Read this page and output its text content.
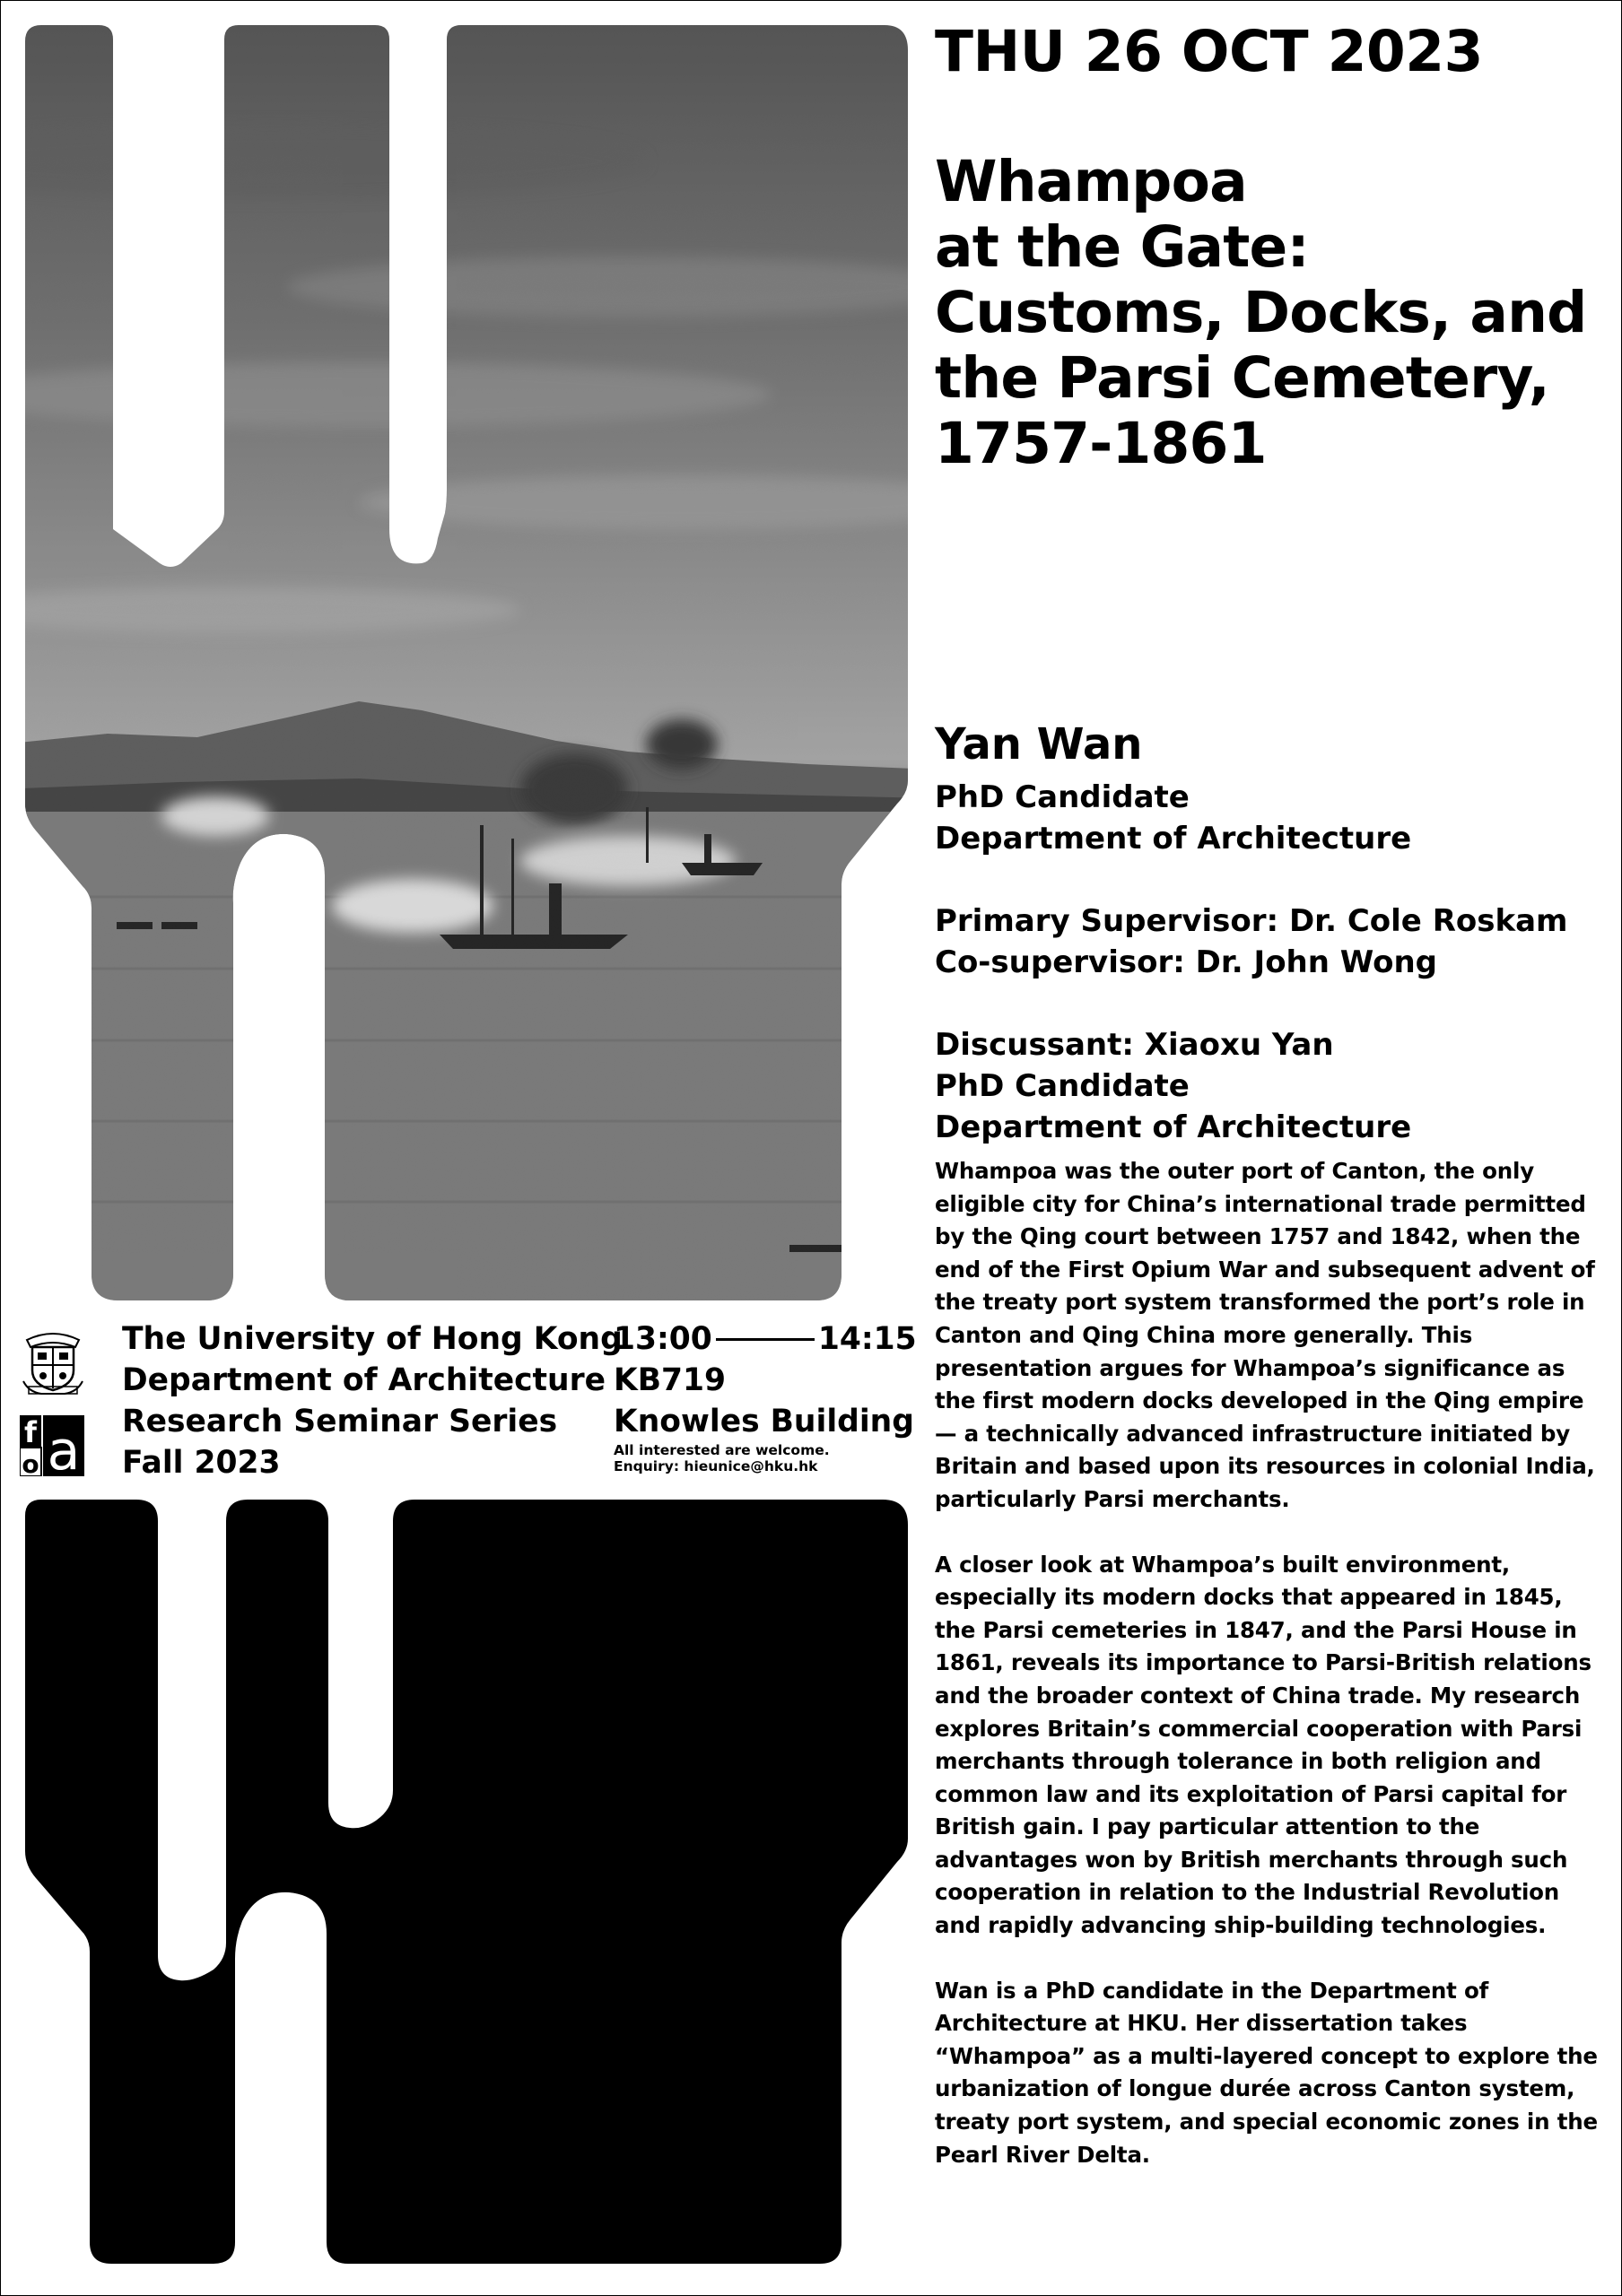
THU 26 OCT 2023
Whampoa
at the Gate:
Customs, Docks, and
the Parsi Cemetery,
1757-1861
Yan Wan
PhD Candidate
Department of Architecture
Primary Supervisor: Dr. Cole Roskam
Co-supervisor: Dr. John Wong
Discussant: Xiaoxu Yan
PhD Candidate
Department of Architecture

Whampoa was the outer port of Canton, the only eligible city for China’s international trade permitted by the Qing court between 1757 and 1842, when the end of the First Opium War and subsequent advent of the treaty port system transformed the port’s role in Canton and Qing China more generally. This presentation argues for Whampoa’s significance as the first modern docks developed in the Qing empire — a technically advanced infrastructure initiated by Britain and based upon its resources in colonial India, particularly Parsi merchants.

A closer look at Whampoa’s built environment, especially its modern docks that appeared in 1845, the Parsi cemeteries in 1847, and the Parsi House in 1861, reveals its importance to Parsi-British relations and the broader context of China trade. My research explores Britain’s commercial cooperation with Parsi merchants through tolerance in both religion and common law and its exploitation of Parsi capital for British gain. I pay particular attention to the advantages won by British merchants through such cooperation in relation to the Industrial Revolution and rapidly advancing ship-building technologies.

Wan is a PhD candidate in the Department of Architecture at HKU. Her dissertation takes “Whampoa” as a multi-layered concept to explore the urbanization of longue durée across Canton system, treaty port system, and special economic zones in the Pearl River Delta.

f
o a
The University of Hong Kong
Department of Architecture
Research Seminar Series
Fall 2023
13:00	14:15
KB719
Knowles Building
All interested are welcome.
Enquiry: hieunice@hku.hk
